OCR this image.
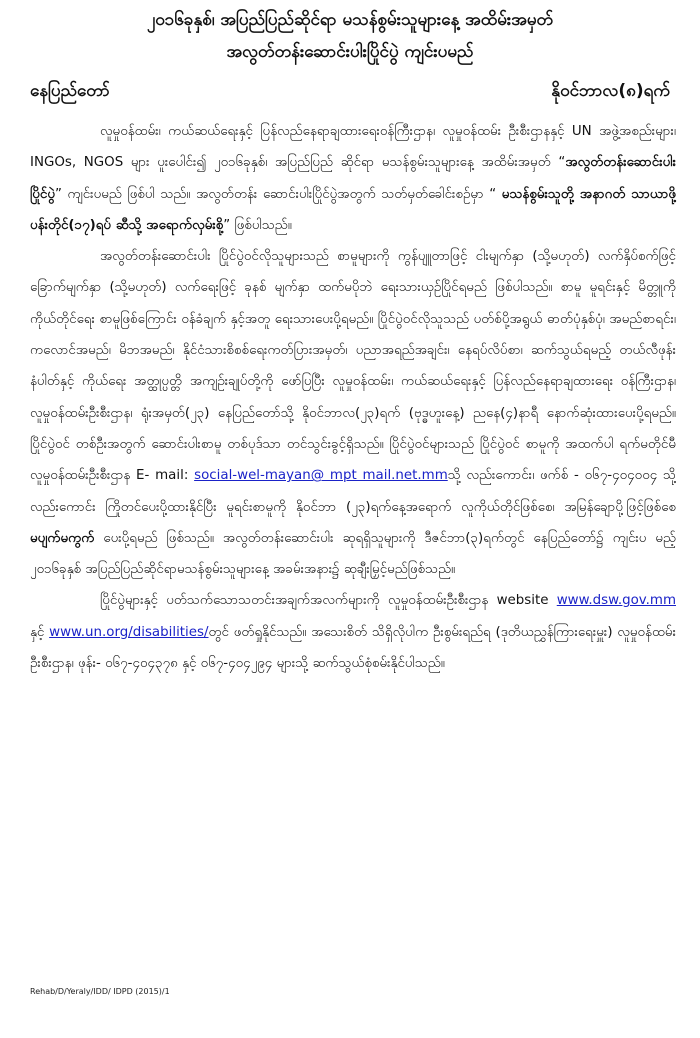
၂၀၁၆ခုနှစ်၊ အပြည်ပြည်ဆိုင်ရာ မသန်စွမ်းသူများနေ့ အထိမ်းအမှတ်
အလွတ်တန်းဆောင်းပါးပြိုင်ပွဲ ကျင်းပမည်
နေပြည်တော်	နိုဝင်ဘာလ(၈)ရက်

လူမှုဝန်ထမ်း၊ ကယ်ဆယ်ရေးနှင့် ပြန်လည်နေရာချထားရေးဝန်ကြီးဌာန၊ လူမှုဝန်ထမ်း ဦးစီးဌာနနှင့် UN အဖွဲ့အစည်းများ၊ INGOs, NGOS များ ပူးပေါင်း၍ ၂၀၁၆ခုနှစ်၊ အပြည်ပြည် ဆိုင်ရာ မသန်စွမ်းသူများနေ့ အထိမ်းအမှတ် “အလွတ်တန်းဆောင်းပါးပြိုင်ပွဲ” ကျင်းပမည် ဖြစ်ပါ သည်။ အလွတ်တန်း ဆောင်းပါးပြိုင်ပွဲအတွက် သတ်မှတ်ခေါင်းစဉ်မှာ “ မသန်စွမ်းသူတို့ အနာဂတ် သာယာဖို့ ပန်းတိုင်(၁၇)ရပ် ဆီသို့ အရောက်လှမ်းစို့” ဖြစ်ပါသည်။

အလွတ်တန်းဆောင်းပါး ပြိုင်ပွဲဝင်လိုသူများသည် စာမူများကို ကွန်ပျူတာဖြင့် ငါးမျက်နှာ (သို့မဟုတ်) လက်နှိပ်စက်ဖြင့် ခြောက်မျက်နှာ (သို့မဟုတ်) လက်ရေးဖြင့် ခုနစ် မျက်နှာ ထက်မပိုဘဲ ရေးသားယှဉ်ပြိုင်ရမည် ဖြစ်ပါသည်။ စာမူ မူရင်းနှင့် မိတ္တူကို ကိုယ်တိုင်ရေး စာမူဖြစ်ကြောင်း ဝန်ခံချက် နှင့်အတူ ရေးသားပေးပို့ရမည်။ ပြိုင်ပွဲဝင်လိုသူသည် ပတ်စ်ပို့အရွယ် ဓာတ်ပုံနှစ်ပုံ၊ အမည်စာရင်း၊ ကလောင်အမည်၊ မိဘအမည်၊ နိုင်ငံသားစိစစ်ရေးကတ်ပြားအမှတ်၊ ပညာအရည်အချင်း၊ နေရပ်လိပ်စာ၊ ဆက်သွယ်ရမည့် တယ်လီဖုန်းနံပါတ်နှင့် ကိုယ်ရေး အတ္ထုပ္ပတ္တိ အကျဉ်းချုပ်တို့ကို ဖော်ပြပြီး လူမှုဝန်ထမ်း၊ ကယ်ဆယ်ရေးနှင့် ပြန်လည်နေရာချထားရေး ဝန်ကြီးဌာန၊ လူမှုဝန်ထမ်းဦးစီးဌာန၊ ရုံးအမှတ်(၂၃) နေပြည်တော်သို့ နိုဝင်ဘာလ(၂၃)ရက် (ဗုဒ္ဓဟူးနေ့) ညနေ(၄)နာရီ နောက်ဆုံးထားပေးပို့ရမည်။ ပြိုင်ပွဲဝင် တစ်ဦးအတွက် ဆောင်းပါးစာမူ တစ်ပုဒ်သာ တင်သွင်းခွင့်ရှိသည်။ ပြိုင်ပွဲဝင်များသည် ပြိုင်ပွဲဝင် စာမူကို အထက်ပါ ရက်မတိုင်မီ လူမှုဝန်ထမ်းဦးစီးဌာန E- mail: social-wel-mayan@ mpt mail.net.mmသို့ လည်းကောင်း၊ ဖက်စ် - ၀၆၇-၄၀၄၀၀၄ သို့ လည်းကောင်း ကြိုတင်ပေးပို့ထားနိုင်ပြီး မူရင်းစာမူကို နိုဝင်ဘာ (၂၃)ရက်နေ့အရောက် လူကိုယ်တိုင်ဖြစ်စေ၊ အမြန်ချောပို့ဖြင့်ဖြစ်စေ မပျက်မကွက် ပေးပို့ရမည် ဖြစ်သည်။ အလွတ်တန်းဆောင်းပါး ဆုရရှိသူများကို ဒီဇင်ဘာ(၃)ရက်တွင် နေပြည်တော်၌ ကျင်းပ မည့် ၂၀၁၆ခုနှစ် အပြည်ပြည်ဆိုင်ရာမသန်စွမ်းသူများနေ့ အခမ်းအနား၌ ဆုချီးမြှင့်မည်ဖြစ်သည်။

ပြိုင်ပွဲများနှင့် ပတ်သက်သောသတင်းအချက်အလက်များကို လူမှုဝန်ထမ်းဦးစီးဌာန website www.dsw.gov.mm နှင့် www.un.org/disabilities/တွင် ဖတ်ရှုနိုင်သည်။ အသေးစိတ် သိရှိလိုပါက ဦးစွမ်းရည်ရ (ဒုတိယညွှန်ကြားရေးမှူး) လူမှုဝန်ထမ်းဦးစီးဌာန၊ ဖုန်း- ၀၆၇-၄၀၄၃၇၈ နှင့် ၀၆၇-၄၀၄၂၉၄ များသို့ ဆက်သွယ်စုံစမ်းနိုင်ပါသည်။

Rehab/D/Yeraly/IDD/ IDPD (2015)/1
